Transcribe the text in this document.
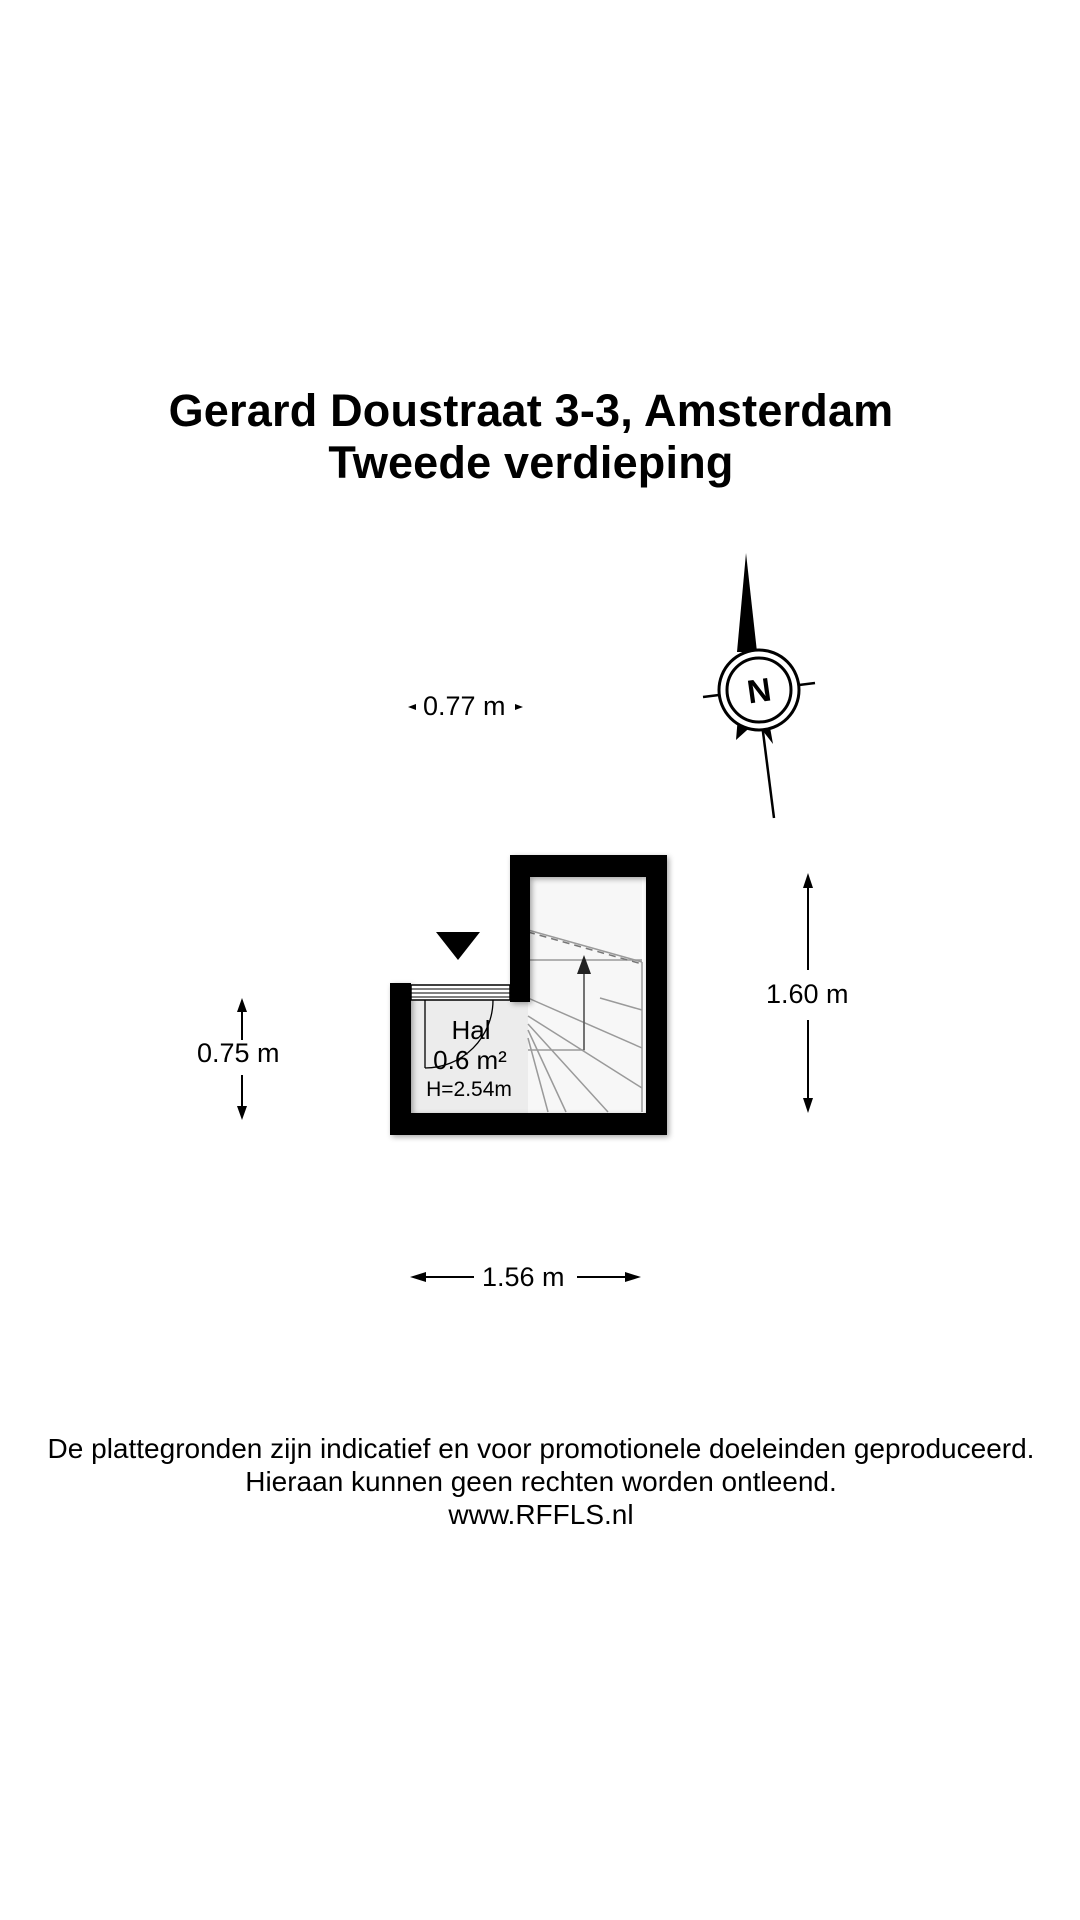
Gerard Doustraat 3-3, Amsterdam
Tweede verdieping
N
Hal
0.6 m²
H=2.54m
0.77 m
0.75 m
1.60 m
1.56 m
De plattegronden zijn indicatief en voor promotionele doeleinden geproduceerd.
Hieraan kunnen geen rechten worden ontleend.
www.RFFLS.nl
